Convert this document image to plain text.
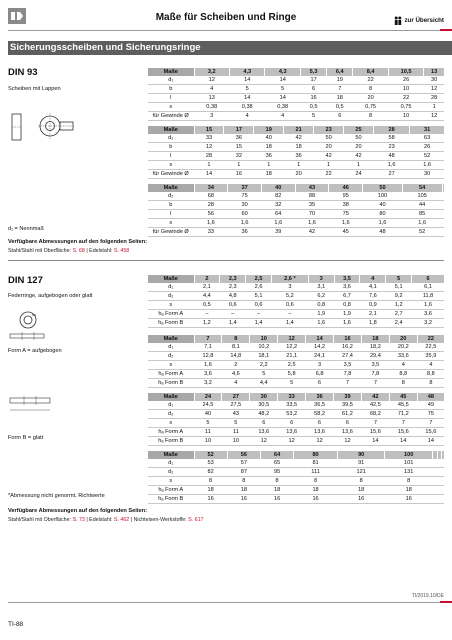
Maße für Scheiben und Ringe	zur Übersicht
Sicherungsscheiben und Sicherungsringe
DIN 93
Scheiben mit Lappen
Maße	3,2	4,3	4,3	5,3	6,4	8,4	10,5	13
d₁	12	14	14	17	19	22	26	30
b	4	5	5	6	7	8	10	12
l	13	14	14	16	18	20	22	28
s	0,38	0,38	0,38	0,5	0,5	0,75	0,75	1
für Gewinde Ø	3	4	4	5	6	8	10	12
Maße	15	17	19	21	23	25	28	31
d₂	33	36	40	42	50	50	58	63
b	12	15	18	18	20	20	23	26
l	28	32	36	36	42	42	48	52
s	1	1	1	1	1	1	1,6	1,6
für Gewinde Ø	14	16	18	20	22	24	27	30
Maße	34	37	40	43	46	50	54	
d₂	68	75	82	88	95	100	105	
b	28	30	32	35	38	40	44	
l	56	60	64	70	75	80	85	
s	1,6	1,6	1,6	1,6	1,6	1,6	1,6	
für Gewinde Ø	33	36	39	42	45	48	52	
d₁ = Nennmaß
Verfügbare Abmessungen auf den folgenden Seiten:
Stahl/Stahl mit Oberfläche: S. 68 | Edelstahl: S. 458
DIN 127
Federringe, aufgebogen oder glatt
Form A = aufgebogen
Form B = glatt
Maße	2	2,3	2,5	2,6 *	3	3,5	4	5	6
d₁	2,1	2,3	2,6	3	3,1	3,6	4,1	5,1	6,1
d₂	4,4	4,8	5,1	5,2	6,2	6,7	7,6	9,2	11,8
s	0,5	0,6	0,6	0,6	0,8	0,8	0,9	1,2	1,6
hₐ Form A	–	–	–	–	1,9	1,9	2,1	2,7	3,6
hₐ Form B	1,2	1,4	1,4	1,4	1,6	1,6	1,8	2,4	3,2
Maße	7	8	10	12	14	16	18	20	22
d₁	7,1	8,1	10,2	12,2	14,2	16,2	18,2	20,2	22,5
d₂	12,8	14,8	18,1	21,1	24,1	27,4	29,4	33,6	35,9
s	1,6	2	2,2	2,5	3	3,5	3,5	4	4
hₐ Form A	3,6	4,6	5	5,8	6,8	7,8	7,8	8,8	8,8
hₐ Form B	3,2	4	4,4	5	6	7	7	8	8
Maße	24	27	30	33	36	39	42	45	48
d₁	24,5	27,5	30,5	33,5	36,5	39,5	42,5	45,5	49
d₂	40	43	48,2	53,2	58,2	61,2	68,2	71,2	75
s	5	5	6	6	6	6	7	7	7
hₐ Form A	11	11	13,6	13,6	13,6	13,6	15,6	15,6	15,6
hₐ Form B	10	10	12	12	12	12	14	14	14
Maße	52	56	64	80	90	100			
d₁	53	57	65	81	91	101			
d₂	82	87	95	111	121	131			
s	8	8	8	8	8	8			
hₐ Form A	18	18	18	18	18	18			
hₐ Form B	16	16	16	16	16	16			
*Abmessung nicht genormt, Richtwerte
Verfügbare Abmessungen auf den folgenden Seiten:
Stahl/Stahl mit Oberfläche: S. 73 | Edelstahl: S. 462 | Nichteisen-Werkstoffe: S. 617
TI/2019.10/DE
TI-88
